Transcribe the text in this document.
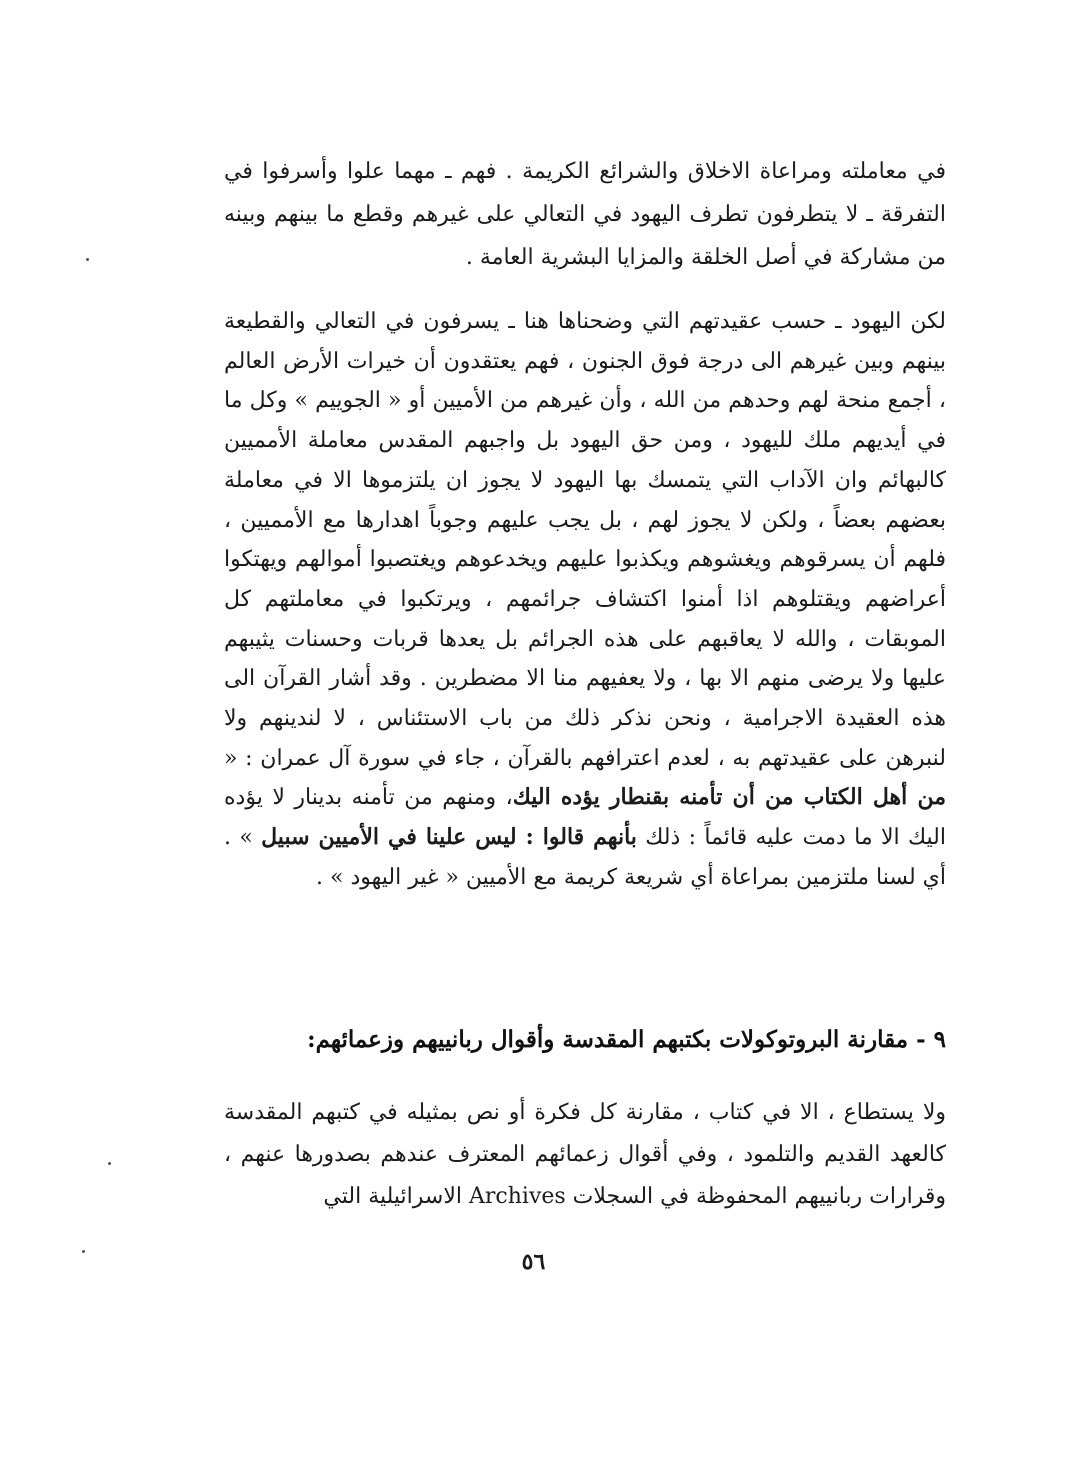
في معاملته ومراعاة الاخلاق والشرائع الكريمة . فهم ـ مهما علوا وأسرفوا في التفرقة ـ لا يتطرفون تطرف اليهود في التعالي على غيرهم وقطع ما بينهم وبينه من مشاركة في أصل الخلقة والمزايا البشرية العامة .

لكن اليهود ـ حسب عقيدتهم التي وضحناها هنا ـ يسرفون في التعالي والقطيعة بينهم وبين غيرهم الى درجة فوق الجنون ، فهم يعتقدون أن خيرات الأرض العالم ، أجمع منحة لهم وحدهم من الله ، وأن غيرهم من الأميين أو « الجوييم » وكل ما في أيديهم ملك لليهود ، ومن حق اليهود بل واجبهم المقدس معاملة الأمميين كالبهائم وان الآداب التي يتمسك بها اليهود لا يجوز ان يلتزموها الا في معاملة بعضهم بعضاً ، ولكن لا يجوز لهم ، بل يجب عليهم وجوباً اهدارها مع الأمميين ، فلهم أن يسرقوهم ويغشوهم ويكذبوا عليهم ويخدعوهم ويغتصبوا أموالهم ويهتكوا أعراضهم ويقتلوهم اذا أمنوا اكتشاف جرائمهم ، ويرتكبوا في معاملتهم كل الموبقات ، والله لا يعاقبهم على هذه الجرائم بل يعدها قربات وحسنات يثيبهم عليها ولا يرضى منهم الا بها ، ولا يعفيهم منا الا مضطرين . وقد أشار القرآن الى هذه العقيدة الاجرامية ، ونحن نذكر ذلك من باب الاستئناس ، لا لندينهم ولا لنبرهن على عقيدتهم به ، لعدم اعترافهم بالقرآن ، جاء في سورة آل عمران : « من أهل الكتاب من أن تأمنه بقنطار يؤده اليك، ومنهم من تأمنه بدينار لا يؤده اليك الا ما دمت عليه قائماً : ذلك بأنهم قالوا : ليس علينا في الأميين سبيل » . أي لسنا ملتزمين بمراعاة أي شريعة كريمة مع الأميين « غير اليهود » .

٩ - مقارنة البروتوكولات بكتبهم المقدسة وأقوال ربانييهم وزعمائهم:

ولا يستطاع ، الا في كتاب ، مقارنة كل فكرة أو نص بمثيله في كتبهم المقدسة كالعهد القديم والتلمود ، وفي أقوال زعمائهم المعترف عندهم بصدورها عنهم ، وقرارات ربانييهم المحفوظة في السجلات Archives الاسرائيلية التي

٥٦
